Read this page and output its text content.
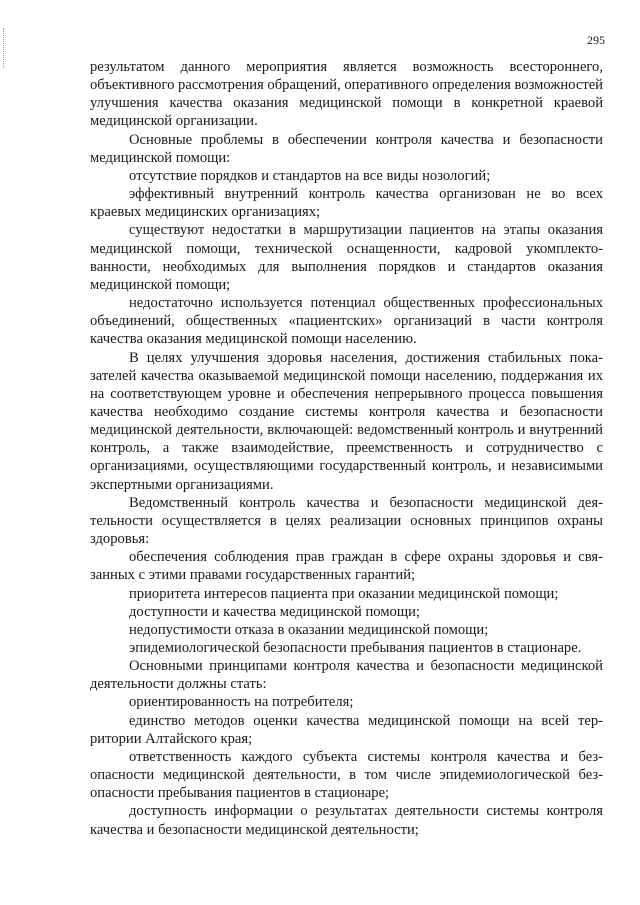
295

результатом данного мероприятия является возможность всестороннего, объективного рассмотрения обращений, оперативного определения возможностей улучшения качества оказания медицинской помощи в конкретной краевой медицинской организации.

Основные проблемы в обеспечении контроля качества и безопасности медицинской помощи:

отсутствие порядков и стандартов на все виды нозологий;

эффективный внутренний контроль качества организован не во всех краевых медицинских организациях;

существуют недостатки в маршрутизации пациентов на этапы оказания медицинской помощи, технической оснащенности, кадровой укомплектованности, необходимых для выполнения порядков и стандартов оказания медицинской помощи;

недостаточно используется потенциал общественных профессиональных объединений, общественных «пациентских» организаций в части контроля качества оказания медицинской помощи населению.

В целях улучшения здоровья населения, достижения стабильных показателей качества оказываемой медицинской помощи населению, поддержания их на соответствующем уровне и обеспечения непрерывного процесса повышения качества необходимо создание системы контроля качества и безопасности медицинской деятельности, включающей: ведомственный контроль и внутренний контроль, а также взаимодействие, преемственность и сотрудничество с организациями, осуществляющими государственный контроль, и независимыми экспертными организациями.

Ведомственный контроль качества и безопасности медицинской деятельности осуществляется в целях реализации основных принципов охраны здоровья:

обеспечения соблюдения прав граждан в сфере охраны здоровья и связанных с этими правами государственных гарантий;

приоритета интересов пациента при оказании медицинской помощи;

доступности и качества медицинской помощи;

недопустимости отказа в оказании медицинской помощи;

эпидемиологической безопасности пребывания пациентов в стационаре.

Основными принципами контроля качества и безопасности медицинской деятельности должны стать:

ориентированность на потребителя;

единство методов оценки качества медицинской помощи на всей территории Алтайского края;

ответственность каждого субъекта системы контроля качества и безопасности медицинской деятельности, в том числе эпидемиологической безопасности пребывания пациентов в стационаре;

доступность информации о результатах деятельности системы контроля качества и безопасности медицинской деятельности;
